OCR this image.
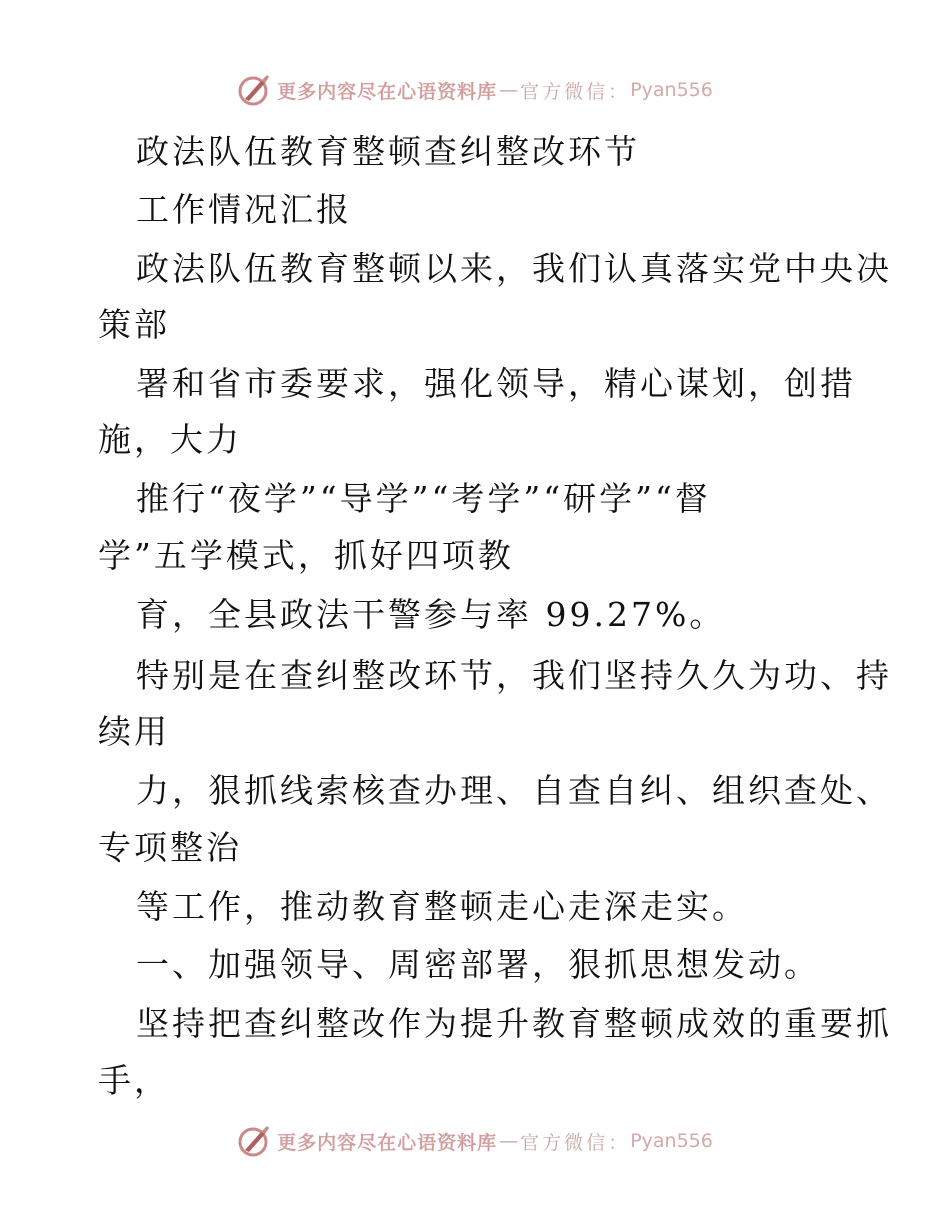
更多内容尽在心语资料库 — 官方微信： Pyan556
政法队伍教育整顿查纠整改环节
工作情况汇报
政法队伍教育整顿以来，我们认真落实党中央决
策部
署和省市委要求，强化领导，精心谋划，创措
施，大力
推行“夜学”“导学”“考学”“研学”“督
学”五学模式，抓好四项教
育，全县政法干警参与率 99.27%。
特别是在查纠整改环节，我们坚持久久为功、持
续用
力，狠抓线索核查办理、自查自纠、组织查处、
专项整治
等工作，推动教育整顿走心走深走实。
一、加强领导、周密部署，狠抓思想发动。
坚持把查纠整改作为提升教育整顿成效的重要抓
手，
更多内容尽在心语资料库 — 官方微信： Pyan556
